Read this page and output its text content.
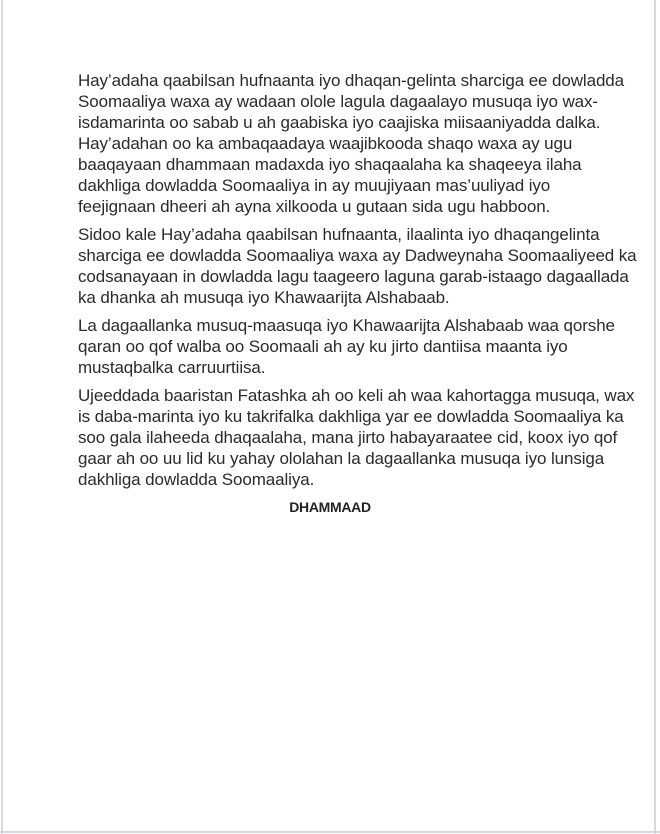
Hay’adaha qaabilsan hufnaanta iyo dhaqan-gelinta sharciga ee dowladda
Soomaaliya waxa ay wadaan olole lagula dagaalayo musuqa iyo wax-
isdamarinta oo sabab u ah gaabiska iyo caajiska miisaaniyadda dalka.
Hay’adahan oo ka ambaqaadaya waajibkooda shaqo waxa ay ugu
baaqayaan dhammaan madaxda iyo shaqaalaha ka shaqeeya ilaha
dakhliga dowladda Soomaaliya in ay muujiyaan mas’uuliyad iyo
feejignaan dheeri ah ayna xilkooda u gutaan sida ugu habboon.
Sidoo kale Hay’adaha qaabilsan hufnaanta, ilaalinta iyo dhaqangelinta
sharciga ee dowladda Soomaaliya waxa ay Dadweynaha Soomaaliyeed ka
codsanayaan in dowladda lagu taageero laguna garab-istaago dagaallada
ka dhanka ah musuqa iyo Khawaarijta Alshabaab.
La dagaallanka musuq-maasuqa iyo Khawaarijta Alshabaab waa qorshe
qaran oo qof walba oo Soomaali ah ay ku jirto dantiisa maanta iyo
mustaqbalka carruurtiisa.
Ujeeddada baaristan Fatashka ah oo keli ah waa kahortagga musuqa, wax
is daba-marinta iyo ku takrifalka dakhliga yar ee dowladda Soomaaliya ka
soo gala ilaheeda dhaqaalaha, mana jirto habayaraatee cid, koox iyo qof
gaar ah oo uu lid ku yahay ololahan la dagaallanka musuqa iyo lunsiga
dakhliga dowladda Soomaaliya.
DHAMMAAD
